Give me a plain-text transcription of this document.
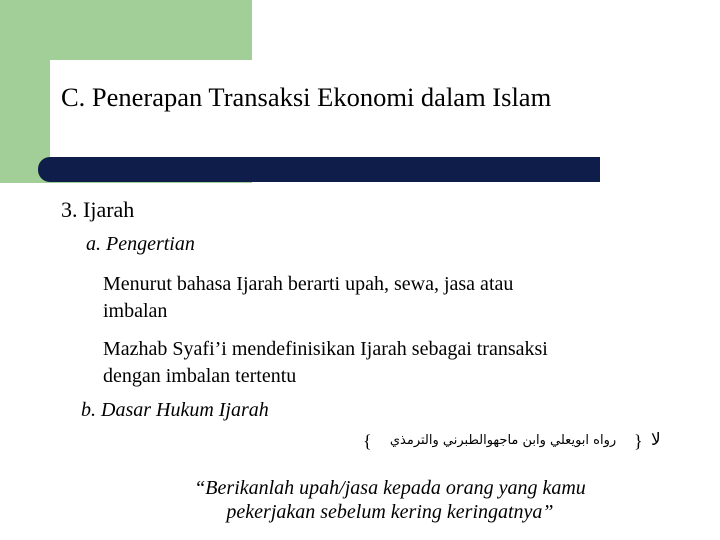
C. Penerapan Transaksi Ekonomi dalam Islam
3. Ijarah
a. Pengertian
Menurut bahasa Ijarah berarti upah, sewa, jasa atau
imbalan
Mazhab Syafi’i mendefinisikan Ijarah sebagai transaksi
dengan imbalan tertentu
b. Dasar Hukum Ijarah
{	رواه ابويعلي وابن ماجهوالطبرني والترمذي } لا
“Berikanlah upah/jasa kepada orang yang kamu
pekerjakan sebelum kering keringatnya”
